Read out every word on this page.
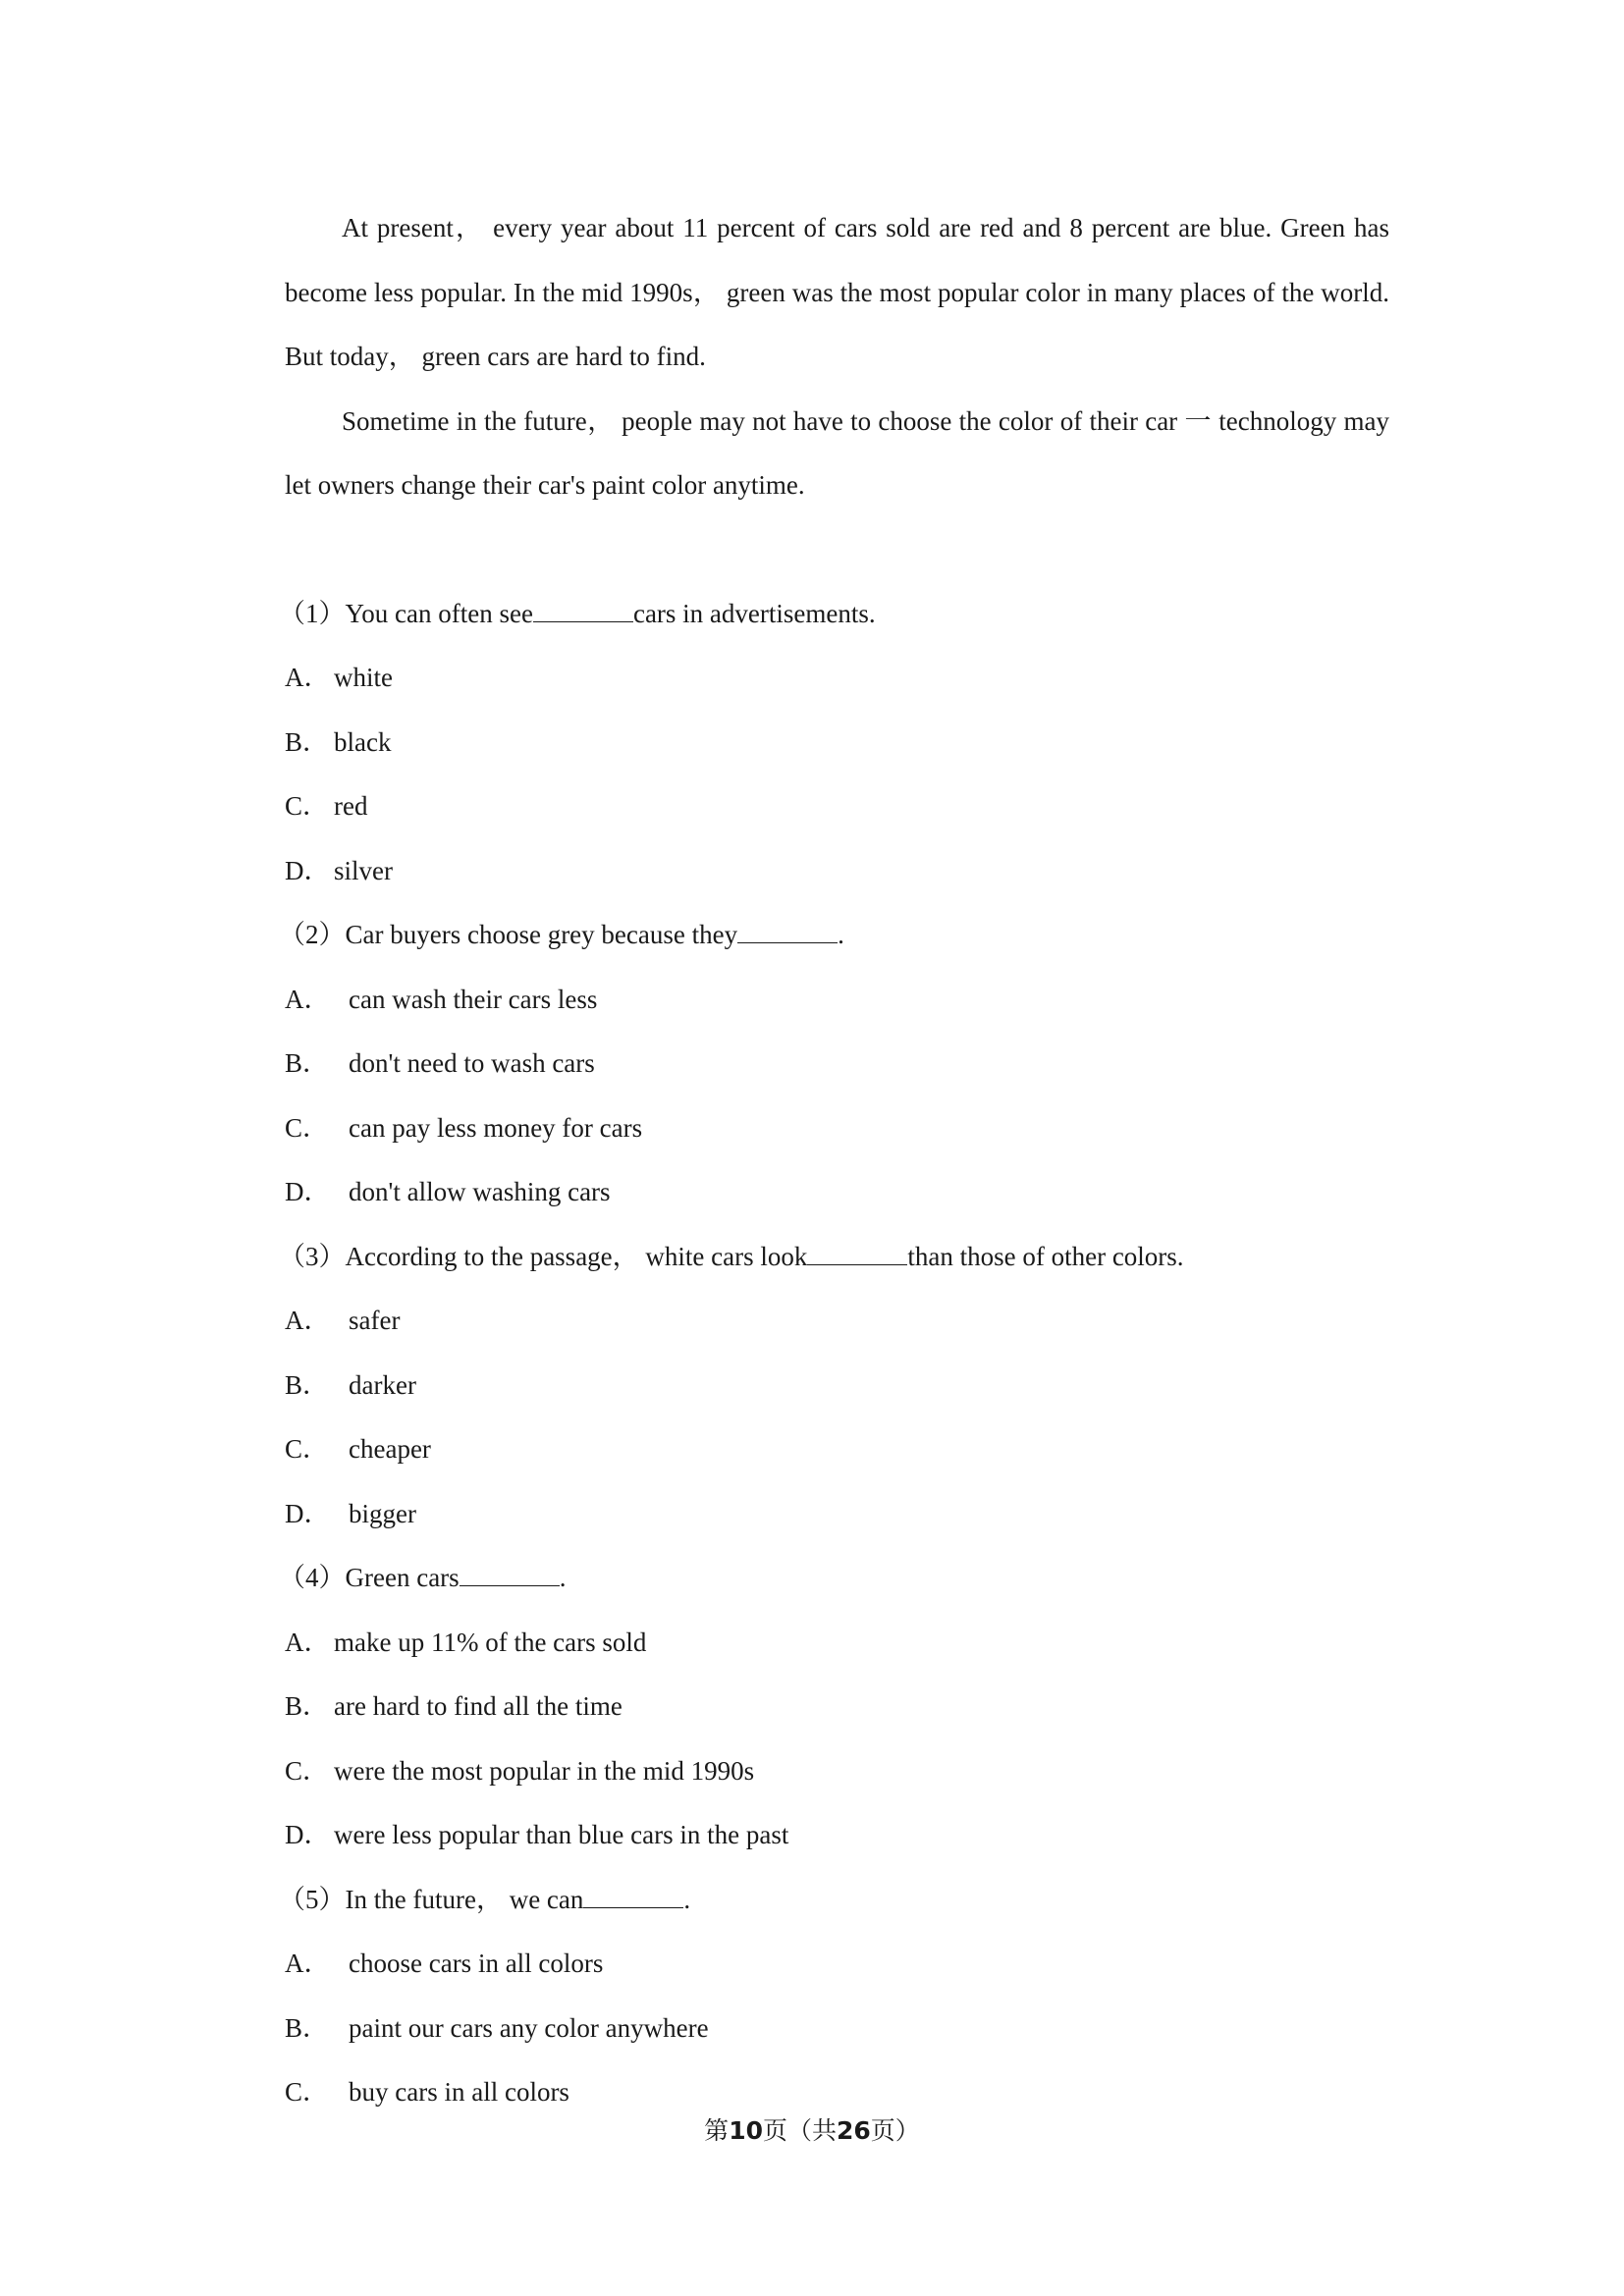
At present， every year about 11 percent of cars sold are red and 8 percent are blue. Green has become less popular. In the mid 1990s， green was the most popular color in many places of the world. But today， green cars are hard to find.

Sometime in the future， people may not have to choose the color of their car 一 technology may let owners change their car's paint color anytime.

（1）You can often see	cars in advertisements.
A． white
B． black
C． red
D． silver
（2）Car buyers choose grey because they	.
A． can wash their cars less
B． don't need to wash cars
C． can pay less money for cars
D． don't allow washing cars
（3）According to the passage， white cars look	than those of other colors.
A． safer
B． darker
C． cheaper
D． bigger
（4）Green cars	.
A． make up 11% of the cars sold
B． are hard to find all the time
C． were the most popular in the mid 1990s
D． were less popular than blue cars in the past
（5）In the future， we can	.
A． choose cars in all colors
B． paint our cars any color anywhere
C． buy cars in all colors
第10页（共26页）
